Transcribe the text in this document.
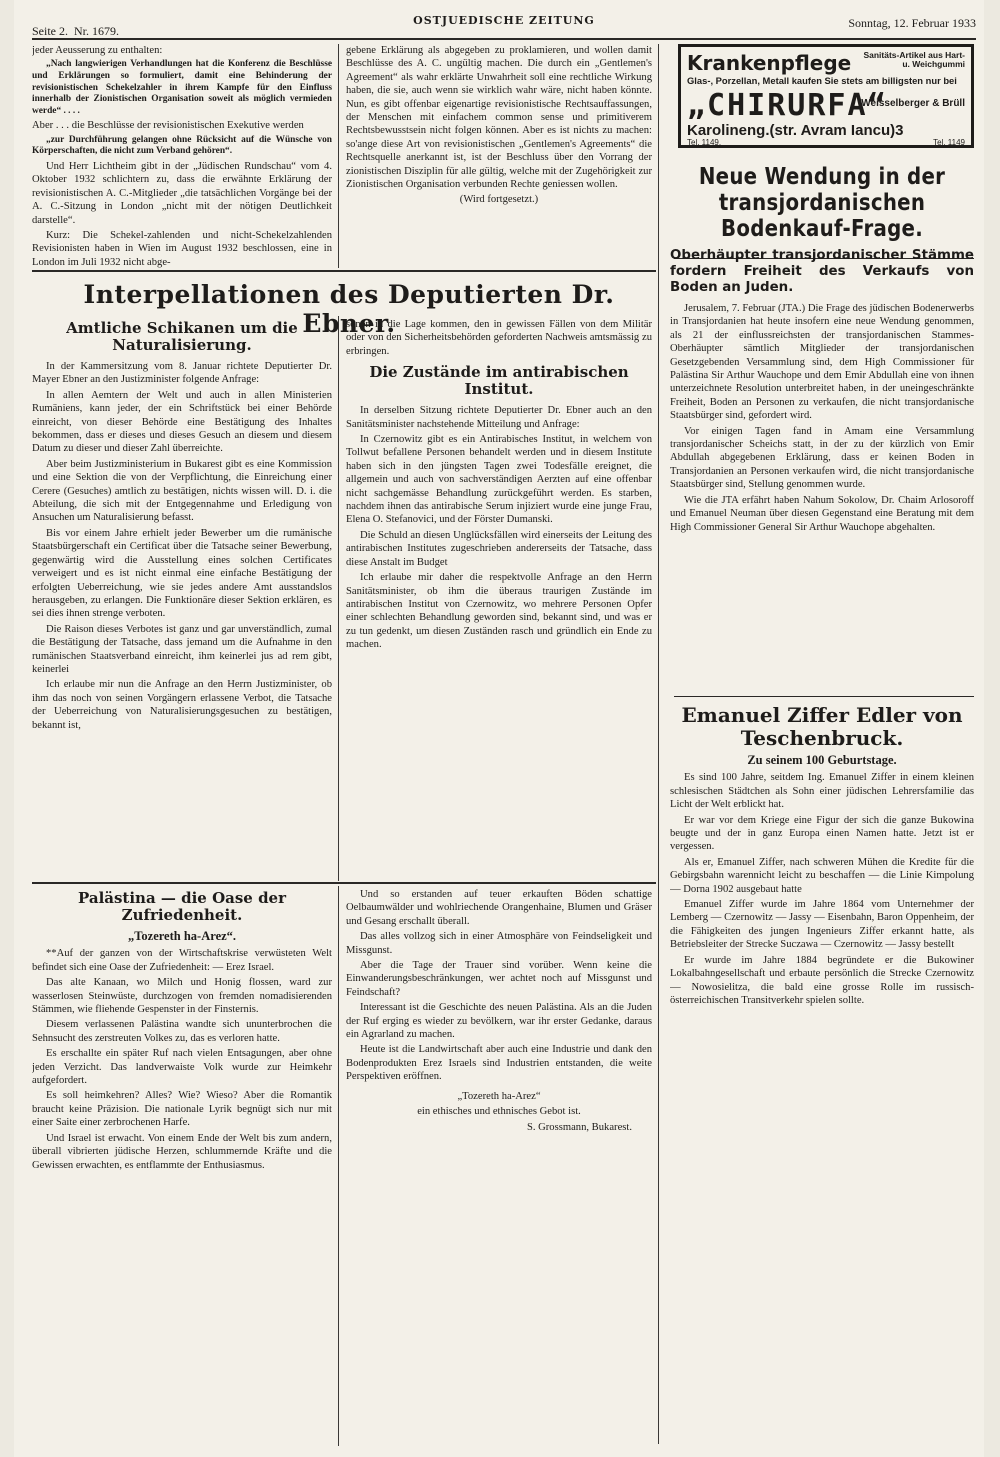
Seite 2. Nr. 1679.
OSTJUEDISCHE ZEITUNG	Sonntag, 12. Februar 1933

jeder Aeusserung zu enthalten:

„Nach langwierigen Verhandlungen hat die Konferenz die Beschlüsse und Erklärungen so formuliert, damit eine Behinderung der revisionistischen Schekelzahler in ihrem Kampfe für den Einfluss innerhalb der Zionistischen Organisation soweit als möglich vermieden werde“ . . . .

Aber . . . die Beschlüsse der revisionistischen Exekutive werden

„zur Durchführung gelangen ohne Rücksicht auf die Wünsche von Körperschaften, die nicht zum Verband gehören“.

Und Herr Lichtheim gibt in der „Jüdischen Rundschau“ vom 4. Oktober 1932 schlichtern zu, dass die erwähnte Erklärung der revisionistischen A. C.-Mitglieder „die tatsächlichen Vorgänge bei der A. C.-Sitzung in London „nicht mit der nötigen Deutlichkeit darstelle“.

Kurz: Die Schekel-zahlenden und nicht-Schekelzahlenden Revisionisten haben in Wien im August 1932 beschlossen, eine in London im Juli 1932 nicht abge-

gebene Erklärung als abgegeben zu proklamieren, und wollen damit Beschlüsse des A. C. ungültig machen. Die durch ein „Gentlemen's Agreement“ als wahr erklärte Unwahrheit soll eine rechtliche Wirkung haben, die sie, auch wenn sie wirklich wahr wäre, nicht haben könnte. Nun, es gibt offenbar eigenartige revisionistische Rechtsauffassungen, der Menschen mit einfachem common sense und primitiverem Rechtsbewusstsein nicht folgen können. Aber es ist nichts zu machen: so'ange diese Art von revisionistischen „Gentlemen's Agreements“ die Rechtsquelle anerkannt ist, ist der Beschluss über den Vorrang der zionistischen Disziplin für alle gültig, welche mit der Zugehörigkeit zur Zionistischen Organisation verbunden Rechte geniessen wollen.

(Wird fortgesetzt.)

Krankenpflege	Sanitäts-Artikel aus Hart- u. Weichgummi
Glas-, Porzellan, Metall kaufen Sie stets am billigsten nur bei
„CHIRURFA“
Weisselberger & Brüll
Karolineng.(str. Avram Iancu)3
Tel. 1149.	Tel. 1149
Neue Wendung in der transjordanischen Bodenkauf-Frage.
Oberhäupter transjordanischer Stämme fordern Freiheit des Verkaufs von Boden an Juden.

Jerusalem, 7. Februar (JTA.) Die Frage des jüdischen Bodenerwerbs in Transjordanien hat heute insofern eine neue Wendung genommen, als 21 der einflussreichsten der transjordanischen Stammes-Oberhäupter sämtlich Mitglieder der transjordanischen Gesetzgebenden Versammlung sind, dem High Commissioner für Palästina Sir Arthur Wauchope und dem Emir Abdullah eine von ihnen unterzeichnete Resolution unterbreitet haben, in der uneingeschränkte Freiheit, Boden an Personen zu verkaufen, die nicht transjordanische Staatsbürger sind, gefordert wird.

Vor einigen Tagen fand in Amam eine Versammlung transjordanischer Scheichs statt, in der zu der kürzlich von Emir Abdullah abgegebenen Erklärung, dass er keinen Boden in Transjordanien an Personen verkaufen wird, die nicht transjordanische Staatsbürger sind, Stellung genommen wurde.

Wie die JTA erfährt haben Nahum Sokolow, Dr. Chaim Arlosoroff und Emanuel Neuman über diesen Gegenstand eine Beratung mit dem High Commissioner General Sir Arthur Wauchope abgehalten.

Interpellationen des Deputierten Dr. Ebner.
Amtliche Schikanen um die Naturalisierung.

In der Kammersitzung vom 8. Januar richtete Deputierter Dr. Mayer Ebner an den Justizminister folgende Anfrage:

In allen Aemtern der Welt und auch in allen Ministerien Rumäniens, kann jeder, der ein Schriftstück bei einer Behörde einreicht, von dieser Behörde eine Bestätigung des Inhaltes bekommen, dass er dieses und dieses Gesuch an diesem und diesem Datum zu dieser und dieser Zahl überreichte.

Aber beim Justizministerium in Bukarest gibt es eine Kommission und eine Sektion die von der Verpflichtung, die Einreichung einer Cerere (Gesuches) amtlich zu bestätigen, nichts wissen will. D. i. die Abteilung, die sich mit der Entgegennahme und Erledigung von Ansuchen um Naturalisierung befasst.

Bis vor einem Jahre erhielt jeder Bewerber um die rumänische Staatsbürgerschaft ein Certificat über die Tatsache seiner Bewerbung, gegenwärtig wird die Ausstellung eines solchen Certificates verweigert und es ist nicht einmal eine einfache Bestätigung der erfolgten Ueberreichung, wie sie jedes andere Amt ausstandslos herausgeben, zu erlangen. Die Funktionäre dieser Sektion erklären, es sei dies ihnen strenge verboten.

Die Raison dieses Verbotes ist ganz und gar unverständlich, zumal die Bestätigung der Tatsache, dass jemand um die Aufnahme in den rumänischen Staatsverband einreicht, ihm keinerlei jus ad rem gibt, keinerlei

Ich erlaube mir nun die Anfrage an den Herrn Justizminister, ob ihm das noch von seinen Vorgängern erlassene Verbot, die Tatsache der Ueberreichung von Naturalisierungsgesuchen zu bestätigen, bekannt ist,

sonen in die Lage kommen, den in gewissen Fällen von dem Militär oder von den Sicherheitsbehörden geforderten Nachweis amtsmässig zu erbringen.

Die Zustände im antirabischen Institut.

In derselben Sitzung richtete Deputierter Dr. Ebner auch an den Sanitätsminister nachstehende Mitteilung und Anfrage:

In Czernowitz gibt es ein Antirabisches Institut, in welchem von Tollwut befallene Personen behandelt werden und in diesem Institute haben sich in den jüngsten Tagen zwei Todesfälle ereignet, die allgemein und auch von sachverständigen Aerzten auf eine offenbar nicht sachgemässe Behandlung zurückgeführt werden. Es starben, nachdem ihnen das antirabische Serum injiziert wurde eine junge Frau, Elena O. Stefanovici, und der Förster Dumanski.

Die Schuld an diesen Unglücksfällen wird einerseits der Leitung des antirabischen Institutes zugeschrieben andererseits der Tatsache, dass diese Anstalt im Budget

Ich erlaube mir daher die respektvolle Anfrage an den Herrn Sanitätsminister, ob ihm die überaus traurigen Zustände im antirabischen Institut von Czernowitz, wo mehrere Personen Opfer einer schlechten Behandlung geworden sind, bekannt sind, und was er zu tun gedenkt, um diesen Zuständen rasch und gründlich ein Ende zu machen.

Emanuel Ziffer Edler von Teschenbruck.
Zu seinem 100 Geburtstage.

Es sind 100 Jahre, seitdem Ing. Emanuel Ziffer in einem kleinen schlesischen Städtchen als Sohn einer jüdischen Lehrersfamilie das Licht der Welt erblickt hat.

Er war vor dem Kriege eine Figur der sich die ganze Bukowina beugte und der in ganz Europa einen Namen hatte. Jetzt ist er vergessen.

Als er, Emanuel Ziffer, nach schweren Mühen die Kredite für die Gebirgsbahn warennicht leicht zu beschaffen — die Linie Kimpolung — Dorna 1902 ausgebaut hatte

Emanuel Ziffer wurde im Jahre 1864 vom Unternehmer der Lemberg — Czernowitz — Jassy — Eisenbahn, Baron Oppenheim, der die Fähigkeiten des jungen Ingenieurs Ziffer erkannt hatte, als Betriebsleiter der Strecke Suczawa — Czernowitz — Jassy bestellt

Er wurde im Jahre 1884 begründete er die Bukowiner Lokalbahngesellschaft und erbaute persönlich die Strecke Czernowitz — Nowosielitza, die bald eine grosse Rolle im russisch-österreichischen Transitverkehr spielen sollte.

Palästina — die Oase der Zufriedenheit.
„Tozereth ha-Arez“.

**Auf der ganzen von der Wirtschaftskrise verwüsteten Welt befindet sich eine Oase der Zufriedenheit: — Erez Israel.

Das alte Kanaan, wo Milch und Honig flossen, ward zur wasserlosen Steinwüste, durchzogen von fremden nomadisierenden Stämmen, wie fliehende Gespenster in der Finsternis.

Diesem verlassenen Palästina wandte sich ununterbrochen die Sehnsucht des zerstreuten Volkes zu, das es verloren hatte.

Es erschallte ein später Ruf nach vielen Entsagungen, aber ohne jeden Verzicht. Das landverwaiste Volk wurde zur Heimkehr aufgefordert.

Es soll heimkehren? Alles? Wie? Wieso? Aber die Romantik braucht keine Präzision. Die nationale Lyrik begnügt sich nur mit einer Saite einer zerbrochenen Harfe.

Und Israel ist erwacht. Von einem Ende der Welt bis zum andern, überall vibrierten jüdische Herzen, schlummernde Kräfte und die Gewissen erwachten, es entflammte der Enthusiasmus.

Und so erstanden auf teuer erkauften Böden schattige Oelbaumwälder und wohlriechende Orangenhaine, Blumen und Gräser und Gesang erschallt überall.

Das alles vollzog sich in einer Atmosphäre von Feindseligkeit und Missgunst.

Aber die Tage der Trauer sind vorüber. Wenn keine die Einwanderungsbeschränkungen, wer achtet noch auf Missgunst und Feindschaft?

Interessant ist die Geschichte des neuen Palästina. Als an die Juden der Ruf erging es wieder zu bevölkern, war ihr erster Gedanke, daraus ein Agrarland zu machen.

Heute ist die Landwirtschaft aber auch eine Industrie und dank den Bodenprodukten Erez Israels sind Industrien entstanden, die weite Perspektiven eröffnen.

„Tozereth ha-Arez“

ein ethisches und ethnisches Gebot ist.

S. Grossmann, Bukarest.
